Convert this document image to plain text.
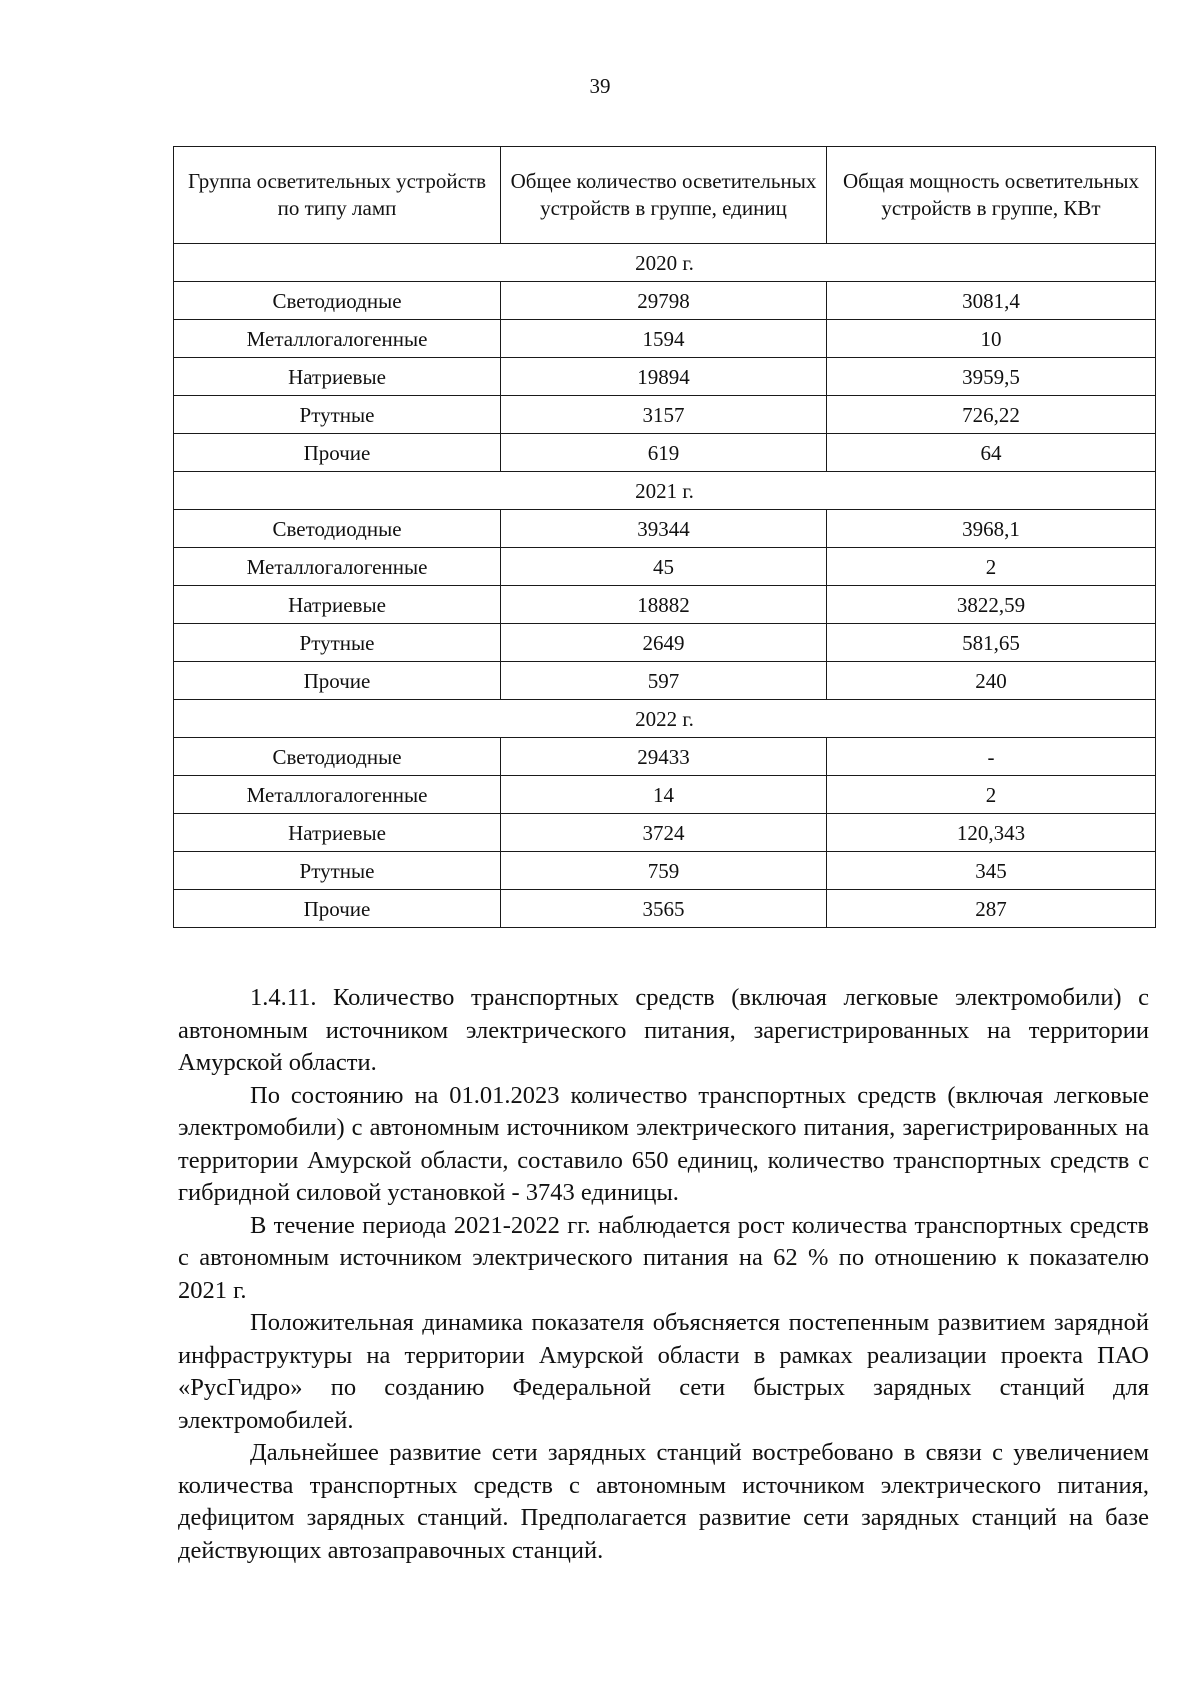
39
Группа осветительных устройств по типу ламп	Общее количество осветительных устройств в группе, единиц	Общая мощность осветительных устройств в группе, КВт
2020 г.		
Светодиодные	29798	3081,4
Металлогалогенные	1594	10
Натриевые	19894	3959,5
Ртутные	3157	726,22
Прочие	619	64
2021 г.		
Светодиодные	39344	3968,1
Металлогалогенные	45	2
Натриевые	18882	3822,59
Ртутные	2649	581,65
Прочие	597	240
2022 г.		
Светодиодные	29433	-
Металлогалогенные	14	2
Натриевые	3724	120,343
Ртутные	759	345
Прочие	3565	287

1.4.11. Количество транспортных средств (включая легковые электромобили) с автономным источником электрического питания, зарегистрированных на территории Амурской области.

По состоянию на 01.01.2023 количество транспортных средств (включая легковые электромобили) с автономным источником электрического питания, зарегистрированных на территории Амурской области, составило 650 единиц, количество транспортных средств с гибридной силовой установкой - 3743 единицы.

В течение периода 2021-2022 гг. наблюдается рост количества транспортных средств с автономным источником электрического питания на 62 % по отношению к показателю 2021 г.

Положительная динамика показателя объясняется постепенным развитием зарядной инфраструктуры на территории Амурской области в рамках реализации проекта ПАО «РусГидро» по созданию Федеральной сети быстрых зарядных станций для электромобилей.

Дальнейшее развитие сети зарядных станций востребовано в связи с увеличением количества транспортных средств с автономным источником электрического питания, дефицитом зарядных станций. Предполагается развитие сети зарядных станций на базе действующих автозаправочных станций.
